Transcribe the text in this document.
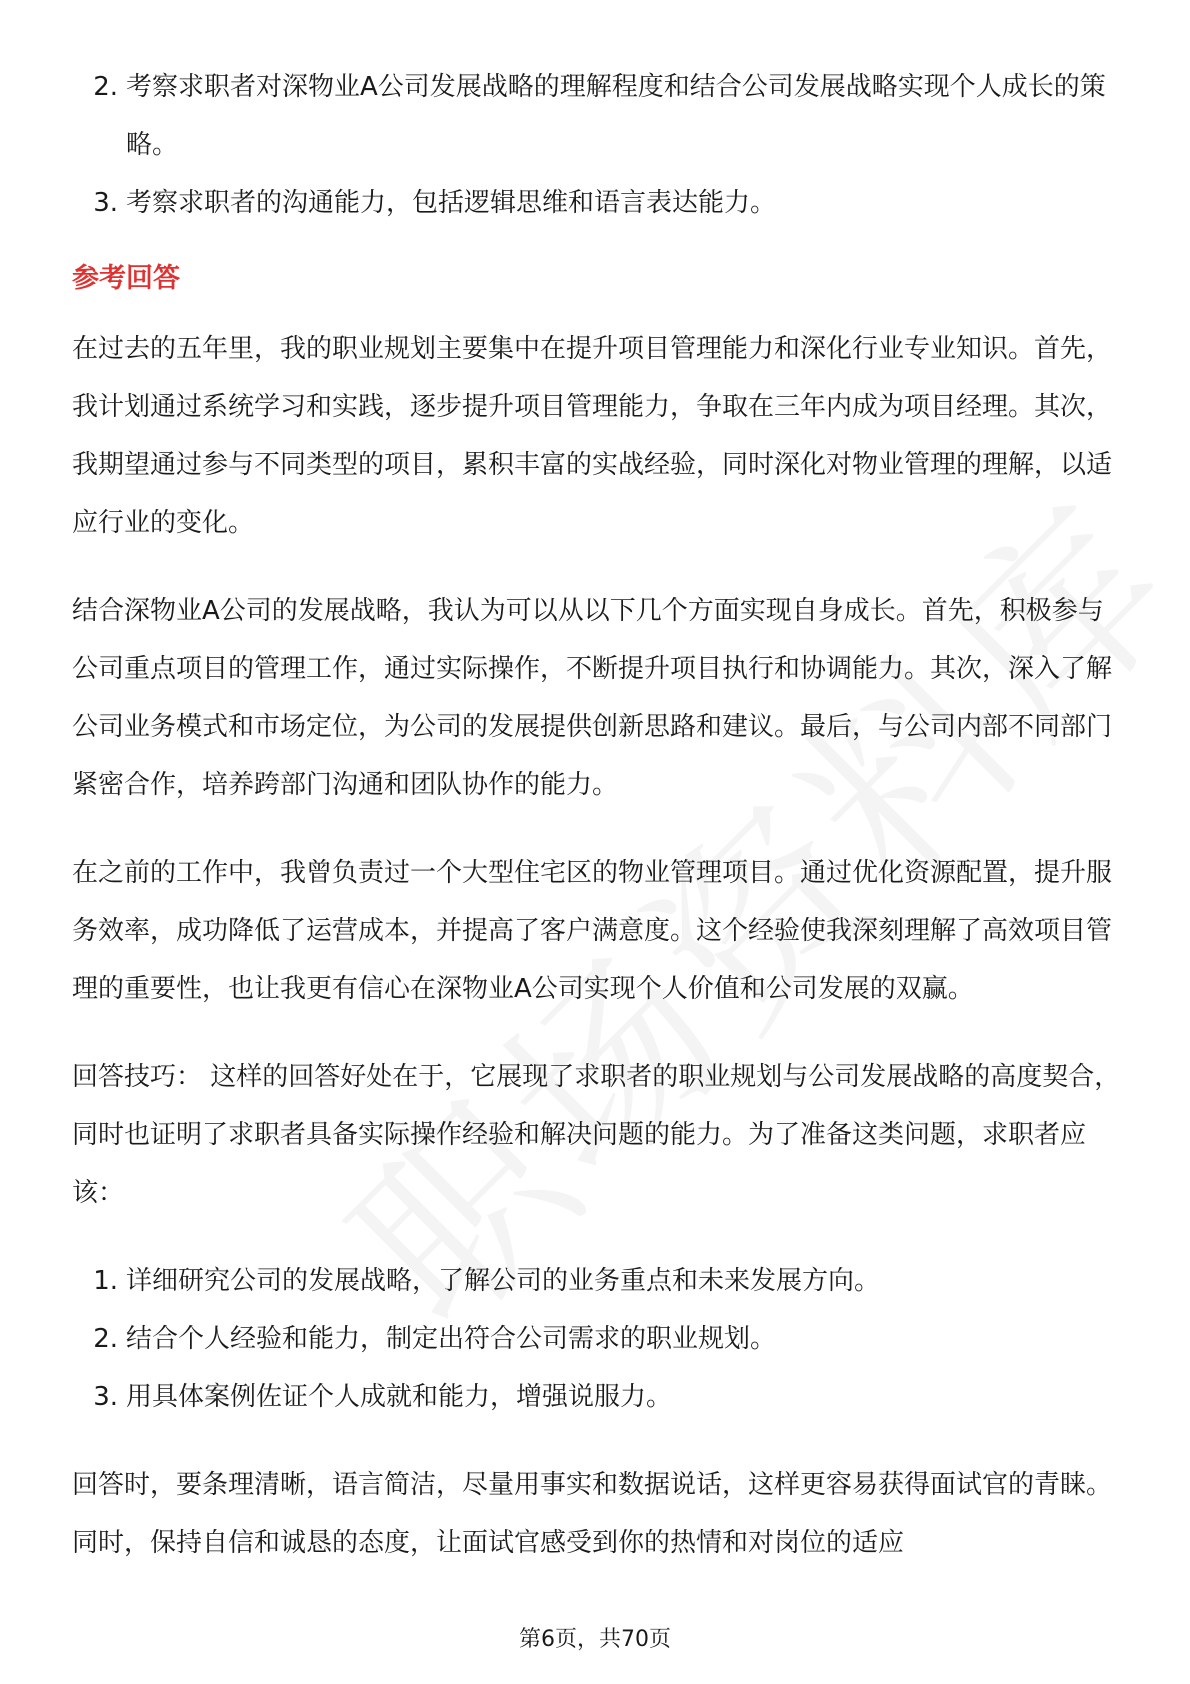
2. 考察求职者对深物业A公司发展战略的理解程度和结合公司发展战略实现个人成长的策略。
3. 考察求职者的沟通能力，包括逻辑思维和语言表达能力。
参考回答

在过去的五年里，我的职业规划主要集中在提升项目管理能力和深化行业专业知识。首先，我计划通过系统学习和实践，逐步提升项目管理能力，争取在三年内成为项目经理。其次，我期望通过参与不同类型的项目，累积丰富的实战经验，同时深化对物业管理的理解，以适应行业的变化。

结合深物业A公司的发展战略，我认为可以从以下几个方面实现自身成长。首先，积极参与公司重点项目的管理工作，通过实际操作，不断提升项目执行和协调能力。其次，深入了解公司业务模式和市场定位，为公司的发展提供创新思路和建议。最后，与公司内部不同部门紧密合作，培养跨部门沟通和团队协作的能力。

在之前的工作中，我曾负责过一个大型住宅区的物业管理项目。通过优化资源配置，提升服务效率，成功降低了运营成本，并提高了客户满意度。这个经验使我深刻理解了高效项目管理的重要性，也让我更有信心在深物业A公司实现个人价值和公司发展的双赢。

回答技巧： 这样的回答好处在于，它展现了求职者的职业规划与公司发展战略的高度契合，同时也证明了求职者具备实际操作经验和解决问题的能力。为了准备这类问题，求职者应该：

1. 详细研究公司的发展战略，了解公司的业务重点和未来发展方向。
2. 结合个人经验和能力，制定出符合公司需求的职业规划。
3. 用具体案例佐证个人成就和能力，增强说服力。

回答时，要条理清晰，语言简洁，尽量用事实和数据说话，这样更容易获得面试官的青睐。同时，保持自信和诚恳的态度，让面试官感受到你的热情和对岗位的适应

第6页，共70页
